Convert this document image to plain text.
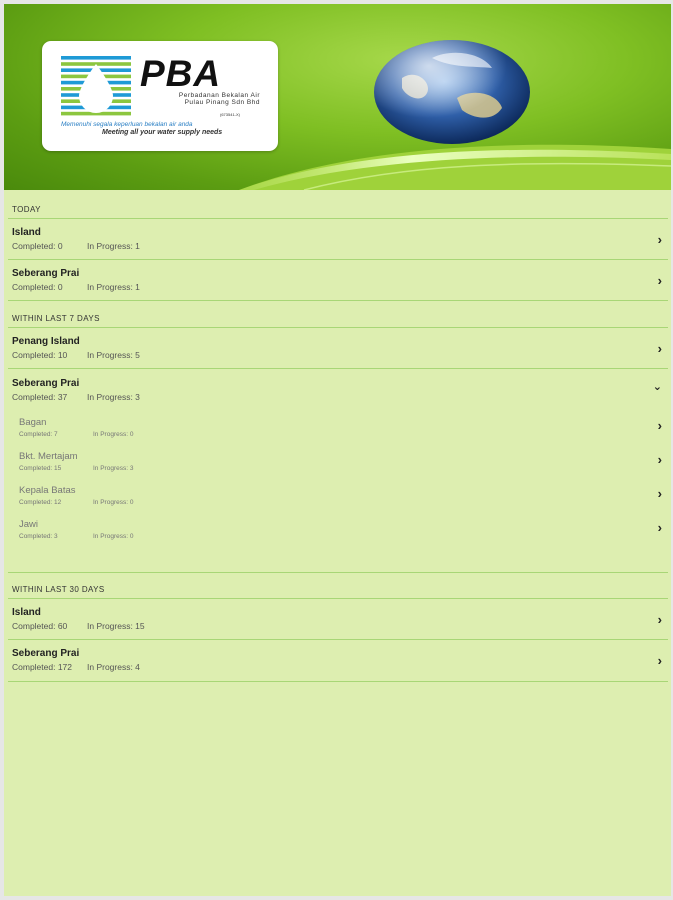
PBA
Perbadanan Bekalan Air
Pulau Pinang Sdn Bhd
(673541-X)
Memenuhi segala keperluan bekalan air anda
Meeting all your water supply needs
TODAY
Island
Completed: 0	In Progress: 1	›
Seberang Prai
Completed: 0	In Progress: 1	›
WITHIN LAST 7 DAYS
Penang Island
Completed: 10 In Progress: 5	›
Seberang Prai
Completed: 37 In Progress: 3
⌄
Bagan
Completed: 7	In Progress: 0
›
Bkt. Mertajam
Completed: 15	In Progress: 3
›
Kepala Batas
Completed: 12	In Progress: 0
›
Jawi
Completed: 3	In Progress: 0
›
WITHIN LAST 30 DAYS
Island
Completed: 60 In Progress: 15	›
Seberang Prai
Completed: 172 In Progress: 4	›
